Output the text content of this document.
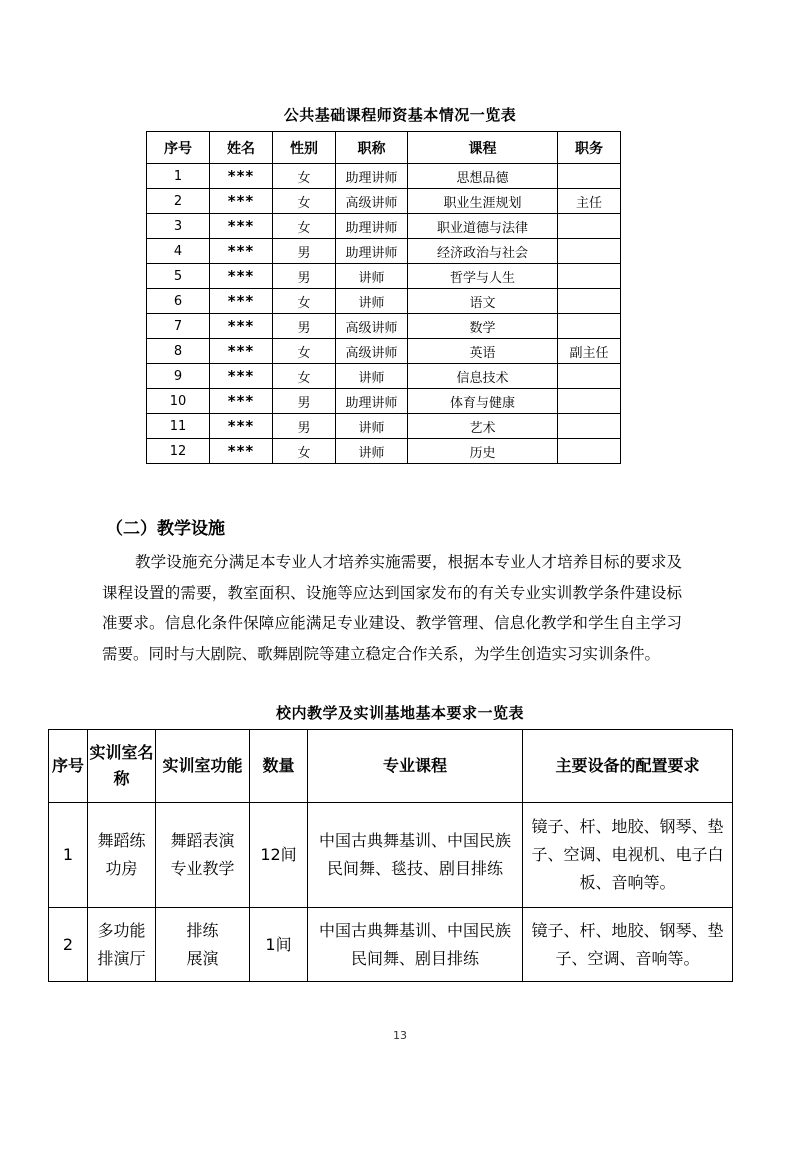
公共基础课程师资基本情况一览表
序号	姓名	性别	职称	课程	职务
1	***	女	助理讲师	思想品德	
2	***	女	高级讲师	职业生涯规划	主任
3	***	女	助理讲师	职业道德与法律	
4	***	男	助理讲师	经济政治与社会	
5	***	男	讲师	哲学与人生	
6	***	女	讲师	语文	
7	***	男	高级讲师	数学	
8	***	女	高级讲师	英语	副主任
9	***	女	讲师	信息技术	
10	***	男	助理讲师	体育与健康	
11	***	男	讲师	艺术	
12	***	女	讲师	历史	
（二）教学设施
教学设施充分满足本专业人才培养实施需要，根据本专业人才培养目标的要求及课程设置的需要，教室面积、设施等应达到国家发布的有关专业实训教学条件建设标准要求。信息化条件保障应能满足专业建设、教学管理、信息化教学和学生自主学习需要。同时与大剧院、歌舞剧院等建立稳定合作关系，为学生创造实习实训条件。
校内教学及实训基地基本要求一览表
序号	实训室名称	实训室功能	数量	专业课程	主要设备的配置要求
1	舞蹈练功房	舞蹈表演专业教学	12间	中国古典舞基训、中国民族民间舞、毯技、剧目排练	镜子、杆、地胶、钢琴、垫子、空调、电视机、电子白板、音响等。
2	多功能排演厅	排练展演	1间	中国古典舞基训、中国民族民间舞、剧目排练	镜子、杆、地胶、钢琴、垫子、空调、音响等。
13
